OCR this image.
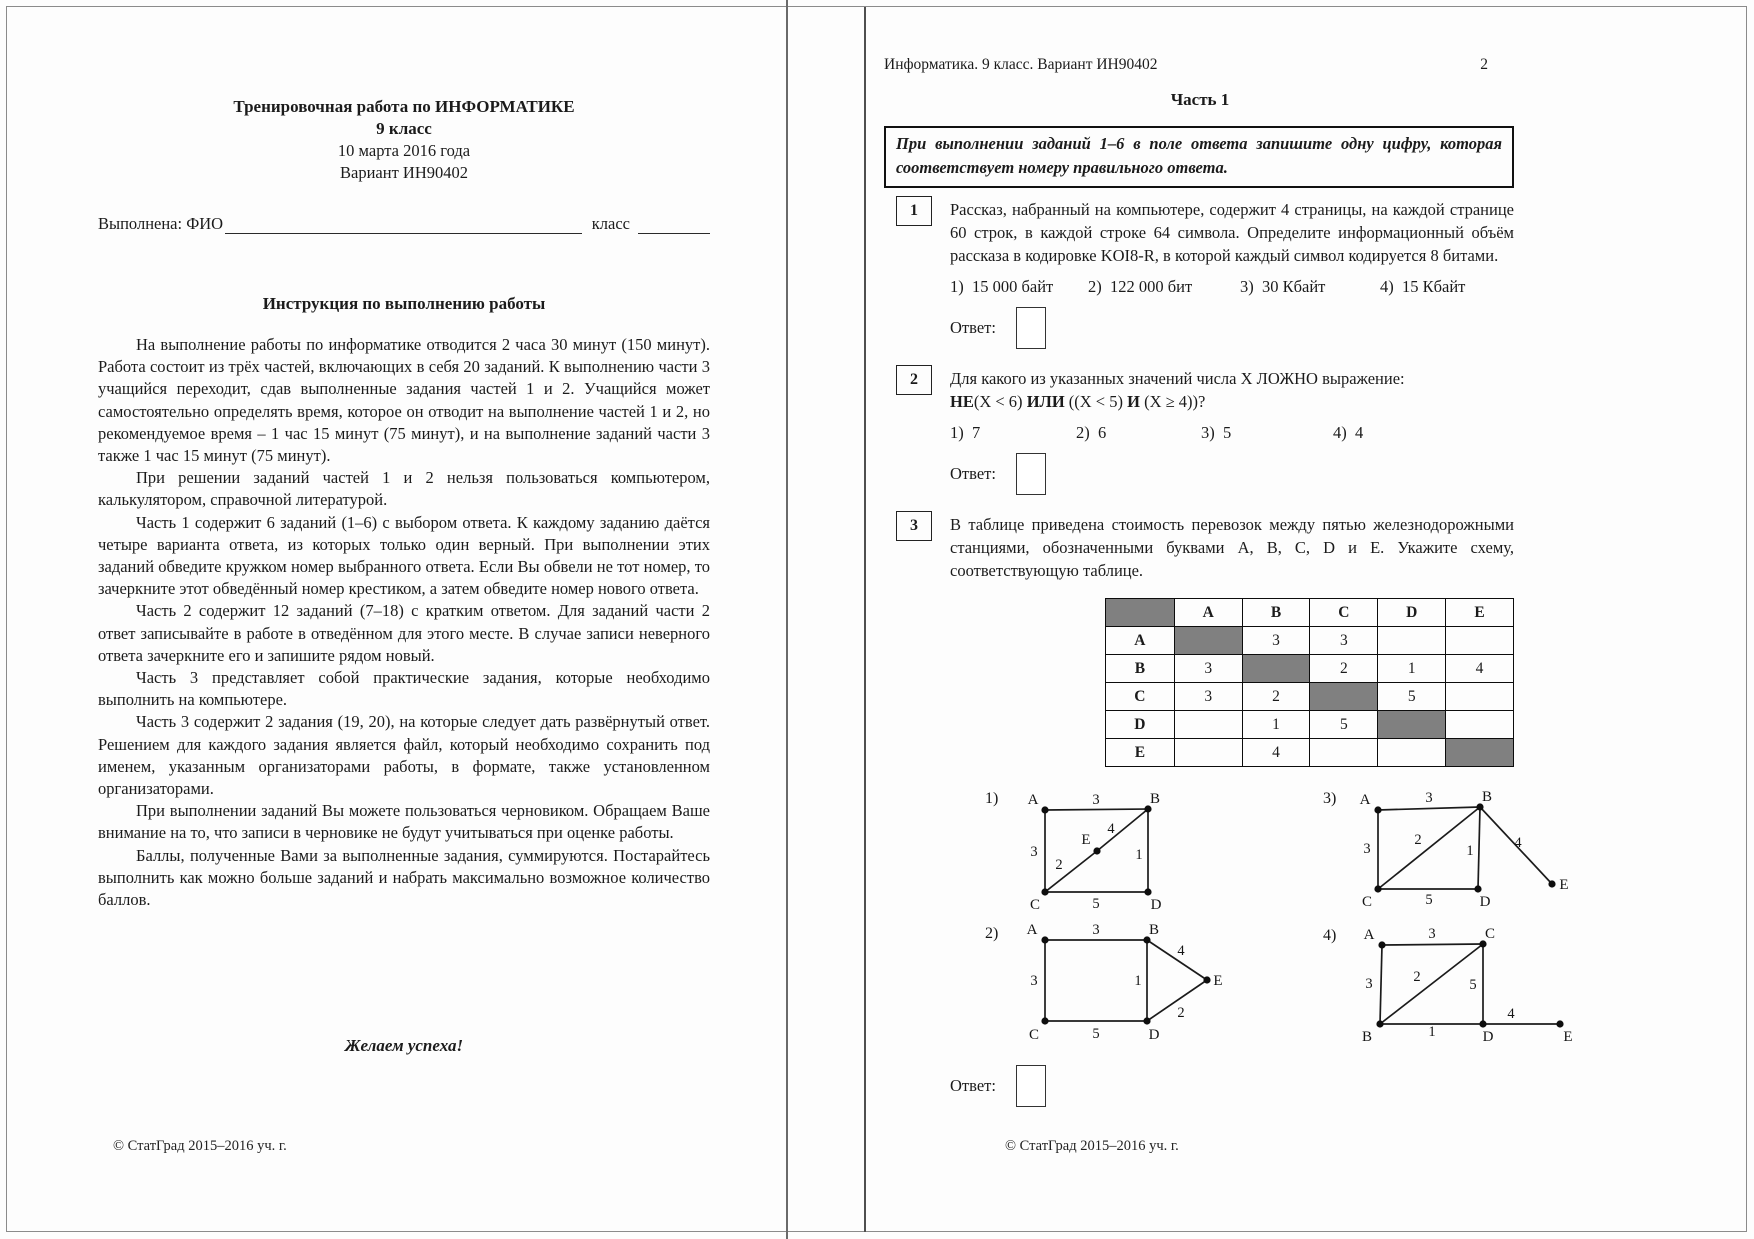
Тренировочная работа по ИНФОРМАТИКЕ
9 класс
10 марта 2016 года
Вариант ИН90402
Выполнена: ФИО	класс
Инструкция по выполнению работы

На выполнение работы по информатике отводится 2 часа 30 минут (150 минут). Работа состоит из трёх частей, включающих в себя 20 заданий. К выполнению части 3 учащийся переходит, сдав выполненные задания частей 1 и 2. Учащийся может самостоятельно определять время, которое он отводит на выполнение частей 1 и 2, но рекомендуемое время – 1 час 15 минут (75 минут), и на выполнение заданий части 3 также 1 час 15 минут (75 минут).

При решении заданий частей 1 и 2 нельзя пользоваться компьютером, калькулятором, справочной литературой.

Часть 1 содержит 6 заданий (1–6) с выбором ответа. К каждому заданию даётся четыре варианта ответа, из которых только один верный. При выполнении этих заданий обведите кружком номер выбранного ответа. Если Вы обвели не тот номер, то зачеркните этот обведённый номер крестиком, а затем обведите номер нового ответа.

Часть 2 содержит 12 заданий (7–18) с кратким ответом. Для заданий части 2 ответ записывайте в работе в отведённом для этого месте. В случае записи неверного ответа зачеркните его и запишите рядом новый.

Часть 3 представляет собой практические задания, которые необходимо выполнить на компьютере.

Часть 3 содержит 2 задания (19, 20), на которые следует дать развёрнутый ответ. Решением для каждого задания является файл, который необходимо сохранить под именем, указанным организаторами работы, в формате, также установленном организаторами.

При выполнении заданий Вы можете пользоваться черновиком. Обращаем Ваше внимание на то, что записи в черновике не будут учитываться при оценке работы.

Баллы, полученные Вами за выполненные задания, суммируются. Постарайтесь выполнить как можно больше заданий и набрать максимально возможное количество баллов.

Желаем успеха!
© СтатГрад 2015–2016 уч. г.
Информатика. 9 класс. Вариант ИН90402	2
Часть 1
При выполнении заданий 1–6 в поле ответа запишите одну цифру, которая соответствует номеру правильного ответа.
1	Рассказ, набранный на компьютере, содержит 4 страницы, на каждой странице 60 строк, в каждой строке 64 символа. Определите информационный объём рассказа в кодировке KOI8-R, в которой каждый символ кодируется 8 битами.
1)  15 000 байт	2)  122 000 бит	3)  30 Кбайт	4)  15 Кбайт
Ответ:
2	Для какого из указанных значений числа X ЛОЖНО выражение:
НЕ(X < 6) ИЛИ ((X < 5) И (X ≥ 4))?
1)  7	2)  6	3)  5	4)  4
Ответ:
3	В таблице приведена стоимость перевозок между пятью железнодорожными станциями, обозначенными буквами A, B, C, D и E. Укажите схему, соответствующую таблице.
	A	B	C	D	E
A		3	3		
B	3		2	1	4
C	3	2		5	
D		1	5		
E		4			
A	B
C	D
E
3
3
2
4
1
5
1)
A	B
C	D
E
3
3	1
5
4
2
2)
A	B
C	D
E
3
3
2
1
5
4
3)
A	C
B	D	E
3
3	2	5
1
4
4)
Ответ:
© СтатГрад 2015–2016 уч. г.
